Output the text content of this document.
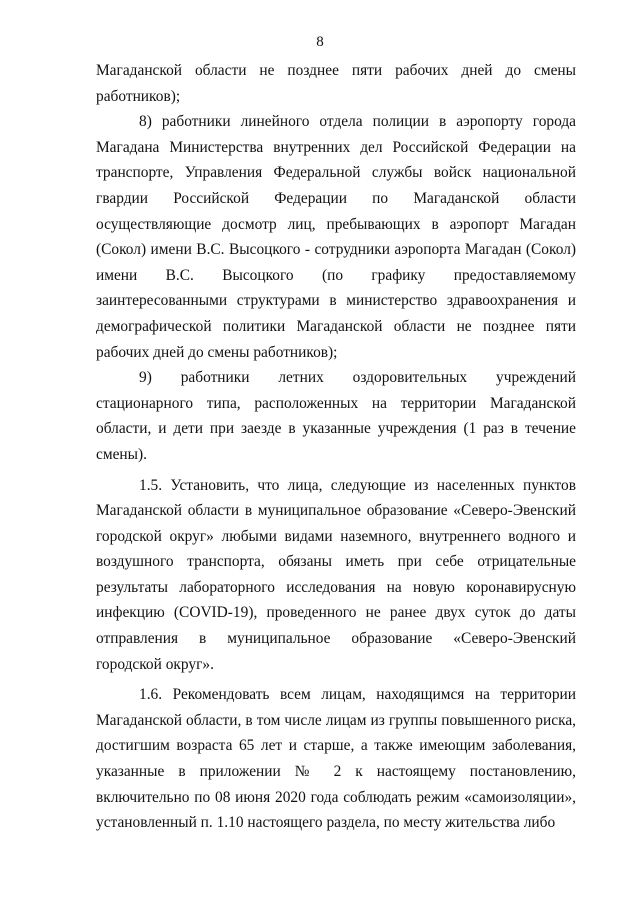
8

Магаданской области не позднее пяти рабочих дней до смены работников);

8) работники линейного отдела полиции в аэропорту города Магадана Министерства внутренних дел Российской Федерации на транспорте, Управления Федеральной службы войск национальной гвардии Российской Федерации по Магаданской области осуществляющие досмотр лиц, пребывающих в аэропорт Магадан (Сокол) имени В.С. Высоцкого - сотрудники аэропорта Магадан (Сокол) имени В.С. Высоцкого (по графику предоставляемому заинтересованными структурами в министерство здравоохранения и демографической политики Магаданской области не позднее пяти рабочих дней до смены работников);

9) работники летних оздоровительных учреждений стационарного типа, расположенных на территории Магаданской области, и дети при заезде в указанные учреждения (1 раз в течение смены).

1.5. Установить, что лица, следующие из населенных пунктов Магаданской области в муниципальное образование «Северо-Эвенский городской округ» любыми видами наземного, внутреннего водного и воздушного транспорта, обязаны иметь при себе отрицательные результаты лабораторного исследования на новую коронавирусную инфекцию (COVID-19), проведенного не ранее двух суток до даты отправления в муниципальное образование «Северо-Эвенский городской округ».

1.6. Рекомендовать всем лицам, находящимся на территории Магаданской области, в том числе лицам из группы повышенного риска, достигшим возраста 65 лет и старше, а также имеющим заболевания, указанные в приложении № 2 к настоящему постановлению, включительно по 08 июня 2020 года соблюдать режим «самоизоляции», установленный п. 1.10 настоящего раздела, по месту жительства либо
